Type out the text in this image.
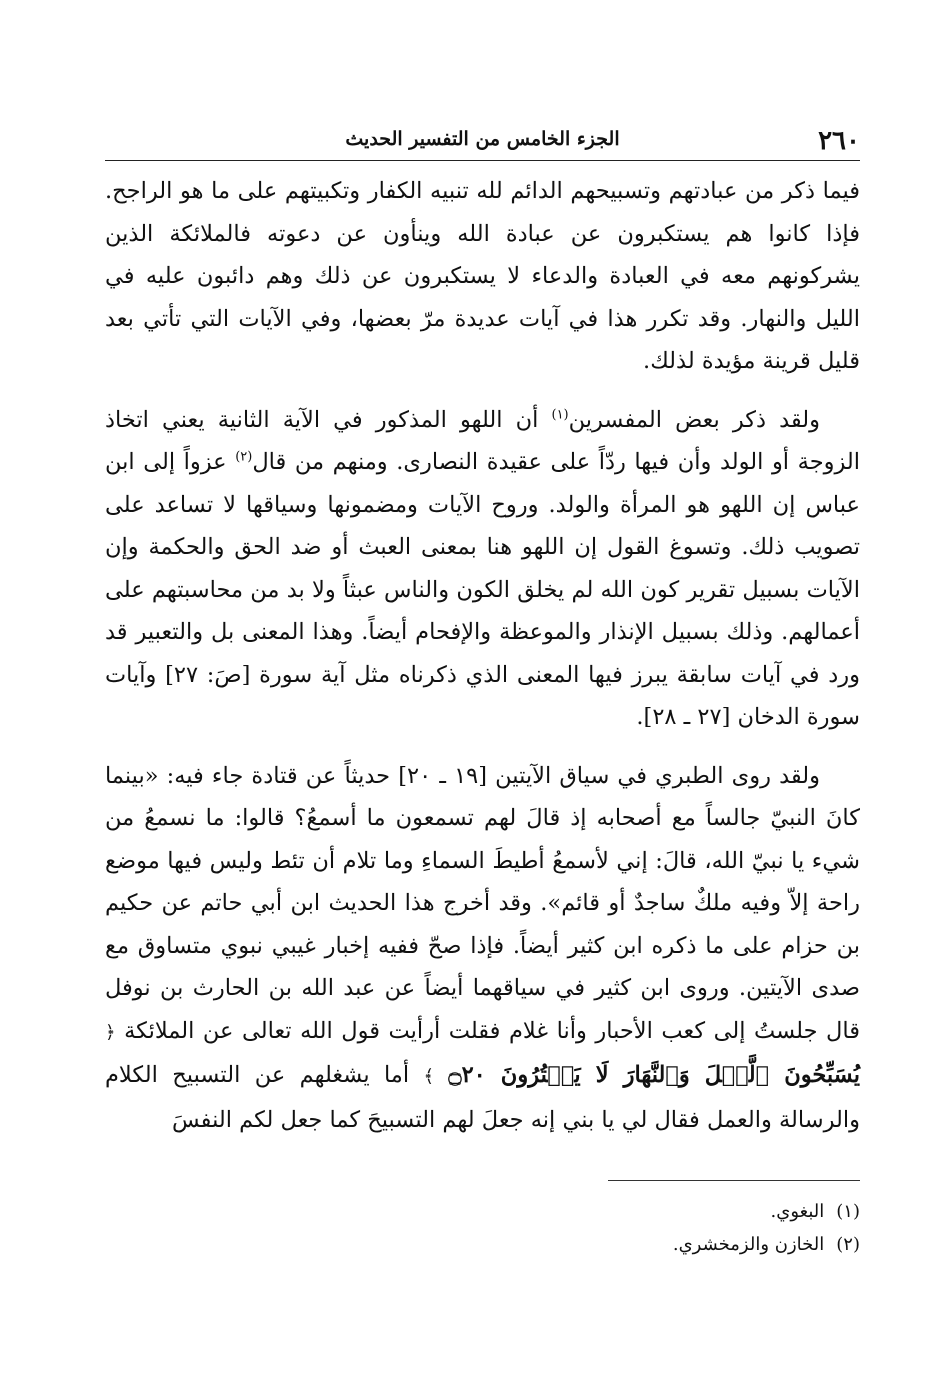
٢٦٠
الجزء الخامس من التفسير الحديث

فيما ذكر من عبادتهم وتسبيحهم الدائم لله تنبيه الكفار وتكبيتهم على ما هو الراجح. فإذا كانوا هم يستكبرون عن عبادة الله وينأون عن دعوته فالملائكة الذين يشركونهم معه في العبادة والدعاء لا يستكبرون عن ذلك وهم دائبون عليه في الليل والنهار. وقد تكرر هذا في آيات عديدة مرّ بعضها، وفي الآيات التي تأتي بعد قليل قرينة مؤيدة لذلك.

ولقد ذكر بعض المفسرين$^{(١)}$ أن اللهو المذكور في الآية الثانية يعني اتخاذ الزوجة أو الولد وأن فيها ردّاً على عقيدة النصارى. ومنهم من قال$^{(٢)}$ عزواً إلى ابن عباس إن اللهو هو المرأة والولد. وروح الآيات ومضمونها وسياقها لا تساعد على تصويب ذلك. وتسوغ القول إن اللهو هنا بمعنى العبث أو ضد الحق والحكمة وإن الآيات بسبيل تقرير كون الله لم يخلق الكون والناس عبثاً ولا بد من محاسبتهم على أعمالهم. وذلك بسبيل الإنذار والموعظة والإفحام أيضاً. وهذا المعنى بل والتعبير قد ورد في آيات سابقة يبرز فيها المعنى الذي ذكرناه مثل آية سورة [صَ: ٢٧] وآيات سورة الدخان [٢٧ ـ ٢٨].

ولقد روى الطبري في سياق الآيتين [١٩ ـ ٢٠] حديثاً عن قتادة جاء فيه: «بينما كانَ النبيّ جالساً مع أصحابه إذ قالَ لهم تسمعون ما أسمعُ؟ قالوا: ما نسمعُ من شيء يا نبيّ الله، قالَ: إني لأسمعُ أطيطَ السماءِ وما تلام أن تئط وليس فيها موضع راحة إلاّ وفيه ملكٌ ساجدٌ أو قائم». وقد أخرج هذا الحديث ابن أبي حاتم عن حكيم بن حزام على ما ذكره ابن كثير أيضاً. فإذا صحّ ففيه إخبار غيبي نبوي متساوق مع صدى الآيتين. وروى ابن كثير في سياقهما أيضاً عن عبد الله بن الحارث بن نوفل قال جلستُ إلى كعب الأحبار وأنا غلام فقلت أرأيت قول الله تعالى عن الملائكة ﴿ يُسَبِّحُونَ ٱلَّيۡلَ وَٱلنَّهَارَ لَا يَفۡتُرُونَ ۝٢٠ ﴾ أما يشغلهم عن التسبيح الكلام والرسالة والعمل فقال لي يا بني إنه جعلَ لهم التسبيحَ كما جعل لكم النفسَ

(١) البغوي.

(٢) الخازن والزمخشري.
